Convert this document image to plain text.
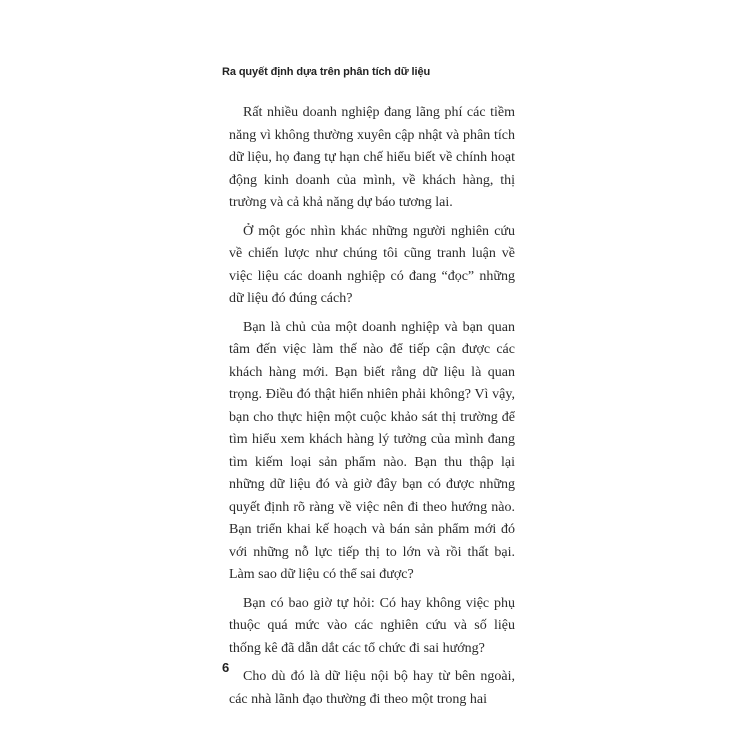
Ra quyết định dựa trên phân tích dữ liệu

Rất nhiều doanh nghiệp đang lãng phí các tiềm năng vì không thường xuyên cập nhật và phân tích dữ liệu, họ đang tự hạn chế hiểu biết về chính hoạt động kinh doanh của mình, về khách hàng, thị trường và cả khả năng dự báo tương lai.

Ở một góc nhìn khác những người nghiên cứu về chiến lược như chúng tôi cũng tranh luận về việc liệu các doanh nghiệp có đang “đọc” những dữ liệu đó đúng cách?

Bạn là chủ của một doanh nghiệp và bạn quan tâm đến việc làm thế nào để tiếp cận được các khách hàng mới. Bạn biết rằng dữ liệu là quan trọng. Điều đó thật hiển nhiên phải không? Vì vậy, bạn cho thực hiện một cuộc khảo sát thị trường để tìm hiểu xem khách hàng lý tưởng của mình đang tìm kiếm loại sản phẩm nào. Bạn thu thập lại những dữ liệu đó và giờ đây bạn có được những quyết định rõ ràng về việc nên đi theo hướng nào. Bạn triển khai kế hoạch và bán sản phẩm mới đó với những nỗ lực tiếp thị to lớn và rồi thất bại. Làm sao dữ liệu có thể sai được?

Bạn có bao giờ tự hỏi: Có hay không việc phụ thuộc quá mức vào các nghiên cứu và số liệu thống kê đã dẫn dắt các tổ chức đi sai hướng?

Cho dù đó là dữ liệu nội bộ hay từ bên ngoài, các nhà lãnh đạo thường đi theo một trong hai

6
